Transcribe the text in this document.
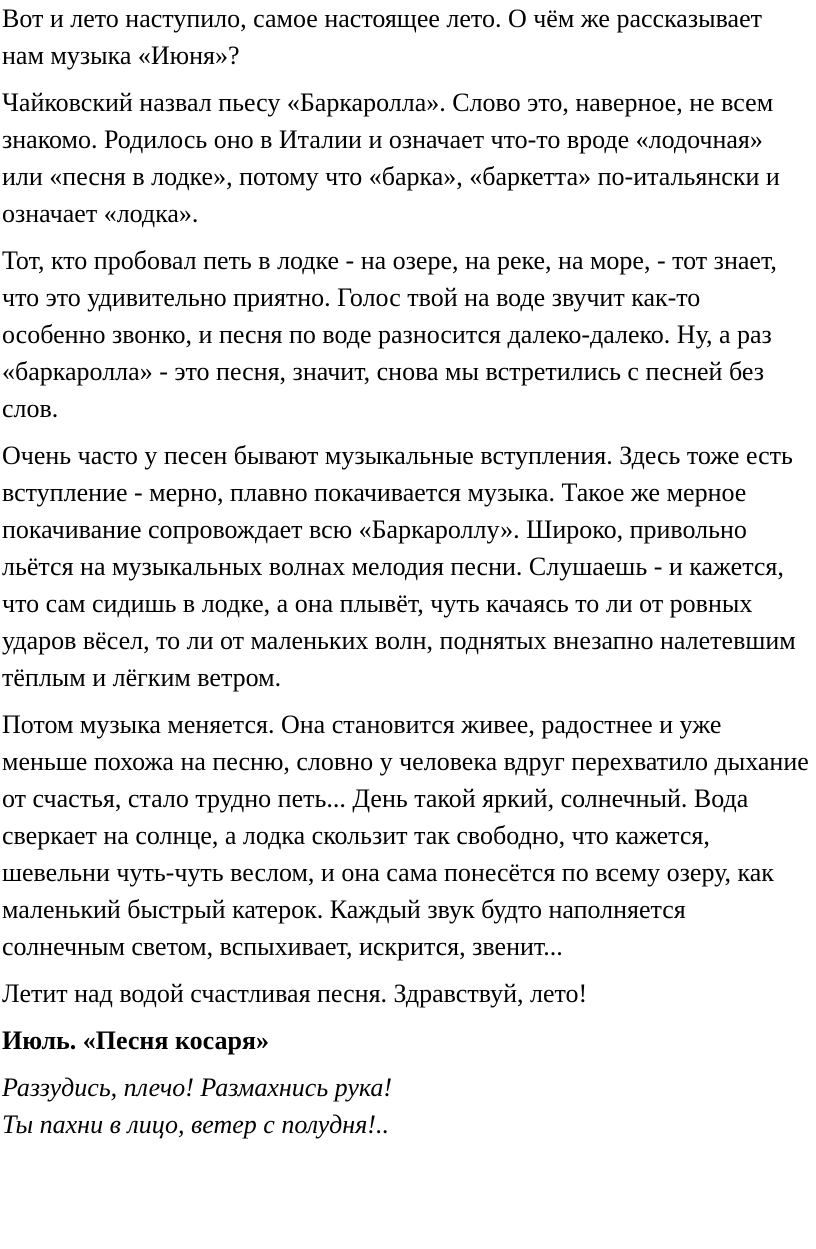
Вот и лето наступило, самое настоящее лето. О чём же рассказывает нам музыка «Июня»?

Чайковский назвал пьесу «Баркаролла». Слово это, наверное, не всем знакомо. Родилось оно в Италии и означает что-то вроде «лодочная» или «песня в лодке», потому что «барка», «баркетта» по-итальянски и означает «лодка».

Тот, кто пробовал петь в лодке - на озере, на реке, на море, - тот знает, что это удивительно приятно. Голос твой на воде звучит как-то особенно звонко, и песня по воде разносится далеко-далеко. Ну, а раз «баркаролла» - это песня, значит, снова мы встретились с песней без слов.

Очень часто у песен бывают музыкальные вступления. Здесь тоже есть вступление - мерно, плавно покачивается музыка. Такое же мерное покачивание сопровождает всю «Баркароллу». Широко, привольно льётся на музыкальных волнах мелодия песни. Слушаешь - и кажется, что сам сидишь в лодке, а она плывёт, чуть качаясь то ли от ровных ударов вёсел, то ли от маленьких волн, поднятых внезапно налетевшим тёплым и лёгким ветром.

Потом музыка меняется. Она становится живее, радостнее и уже меньше похожа на песню, словно у человека вдруг перехватило дыхание от счастья, стало трудно петь... День такой яркий, солнечный. Вода сверкает на солнце, а лодка скользит так свободно, что кажется, шевельни чуть-чуть веслом, и она сама понесётся по всему озеру, как маленький быстрый катерок. Каждый звук будто наполняется солнечным светом, вспыхивает, искрится, звенит...

Летит над водой счастливая песня. Здравствуй, лето!

Июль. «Песня косаря»

Раззудись, плечо! Размахнись рука!
Ты пахни в лицо, ветер с полудня!..
